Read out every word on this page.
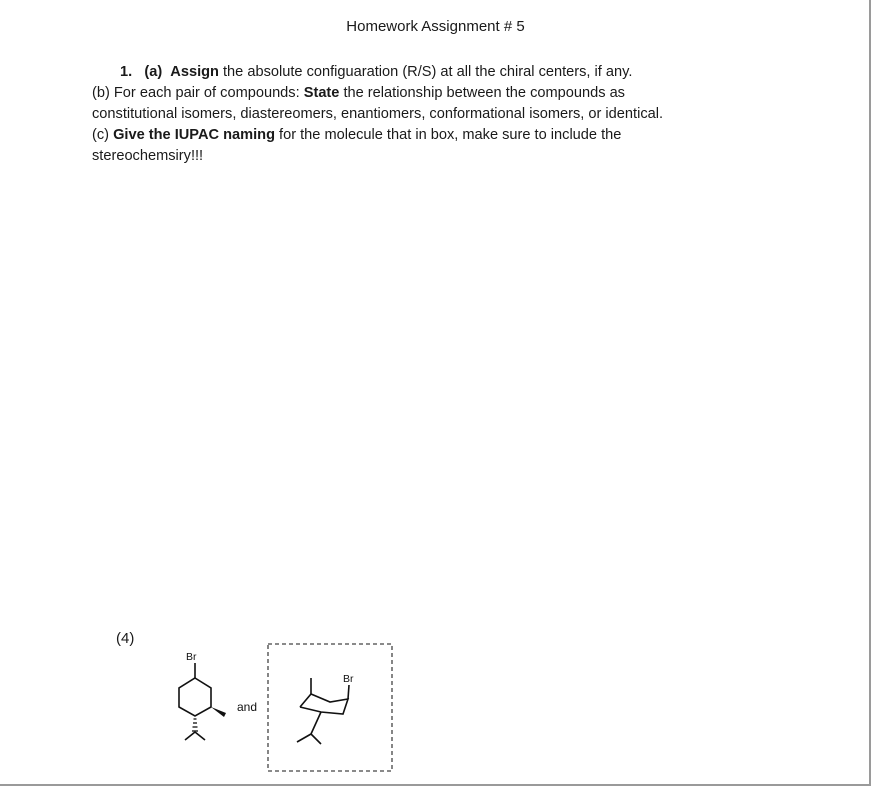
Homework Assignment # 5
1. (a) Assign the absolute configuaration (R/S) at all the chiral centers, if any.
(b) For each pair of compounds: State the relationship between the compounds as
constitutional isomers, diastereomers, enantiomers, conformational isomers, or identical.
(c) Give the IUPAC naming for the molecule that in box, make sure to include the
stereochemsiry!!!
(4)
Br
and
Br
